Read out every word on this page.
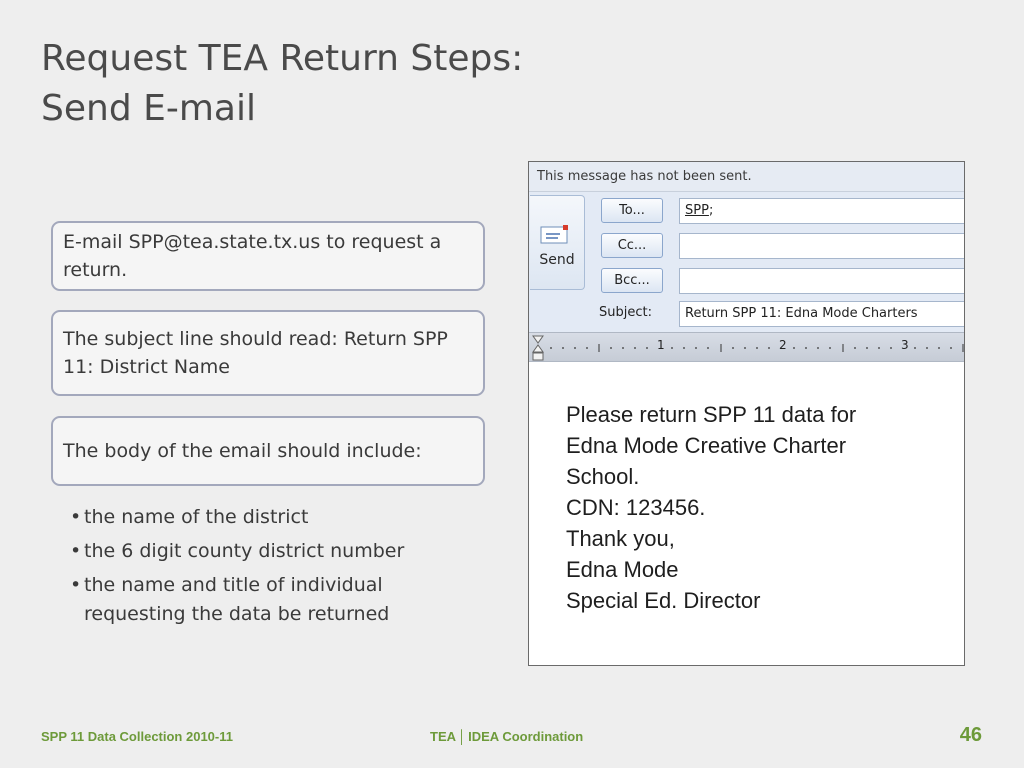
Request TEA Return Steps:
Send E-mail
E-mail SPP@tea.state.tx.us to request a return.
The subject line should read: Return SPP 11: District Name
The body of the email should include:
• the name of the district
• the 6 digit county district number
• the name and title of individual requesting the data be returned
This message has not been sent.
Send
To...	SPP;
Cc...
Bcc...
Subject:	Return SPP 11: Edna Mode Charters
1	2	3
Please return SPP 11 data for
Edna Mode Creative Charter
School.
CDN: 123456.
Thank you,
Edna Mode
Special Ed. Director
SPP 11 Data Collection 2010-11	TEA │ IDEA Coordination	46
